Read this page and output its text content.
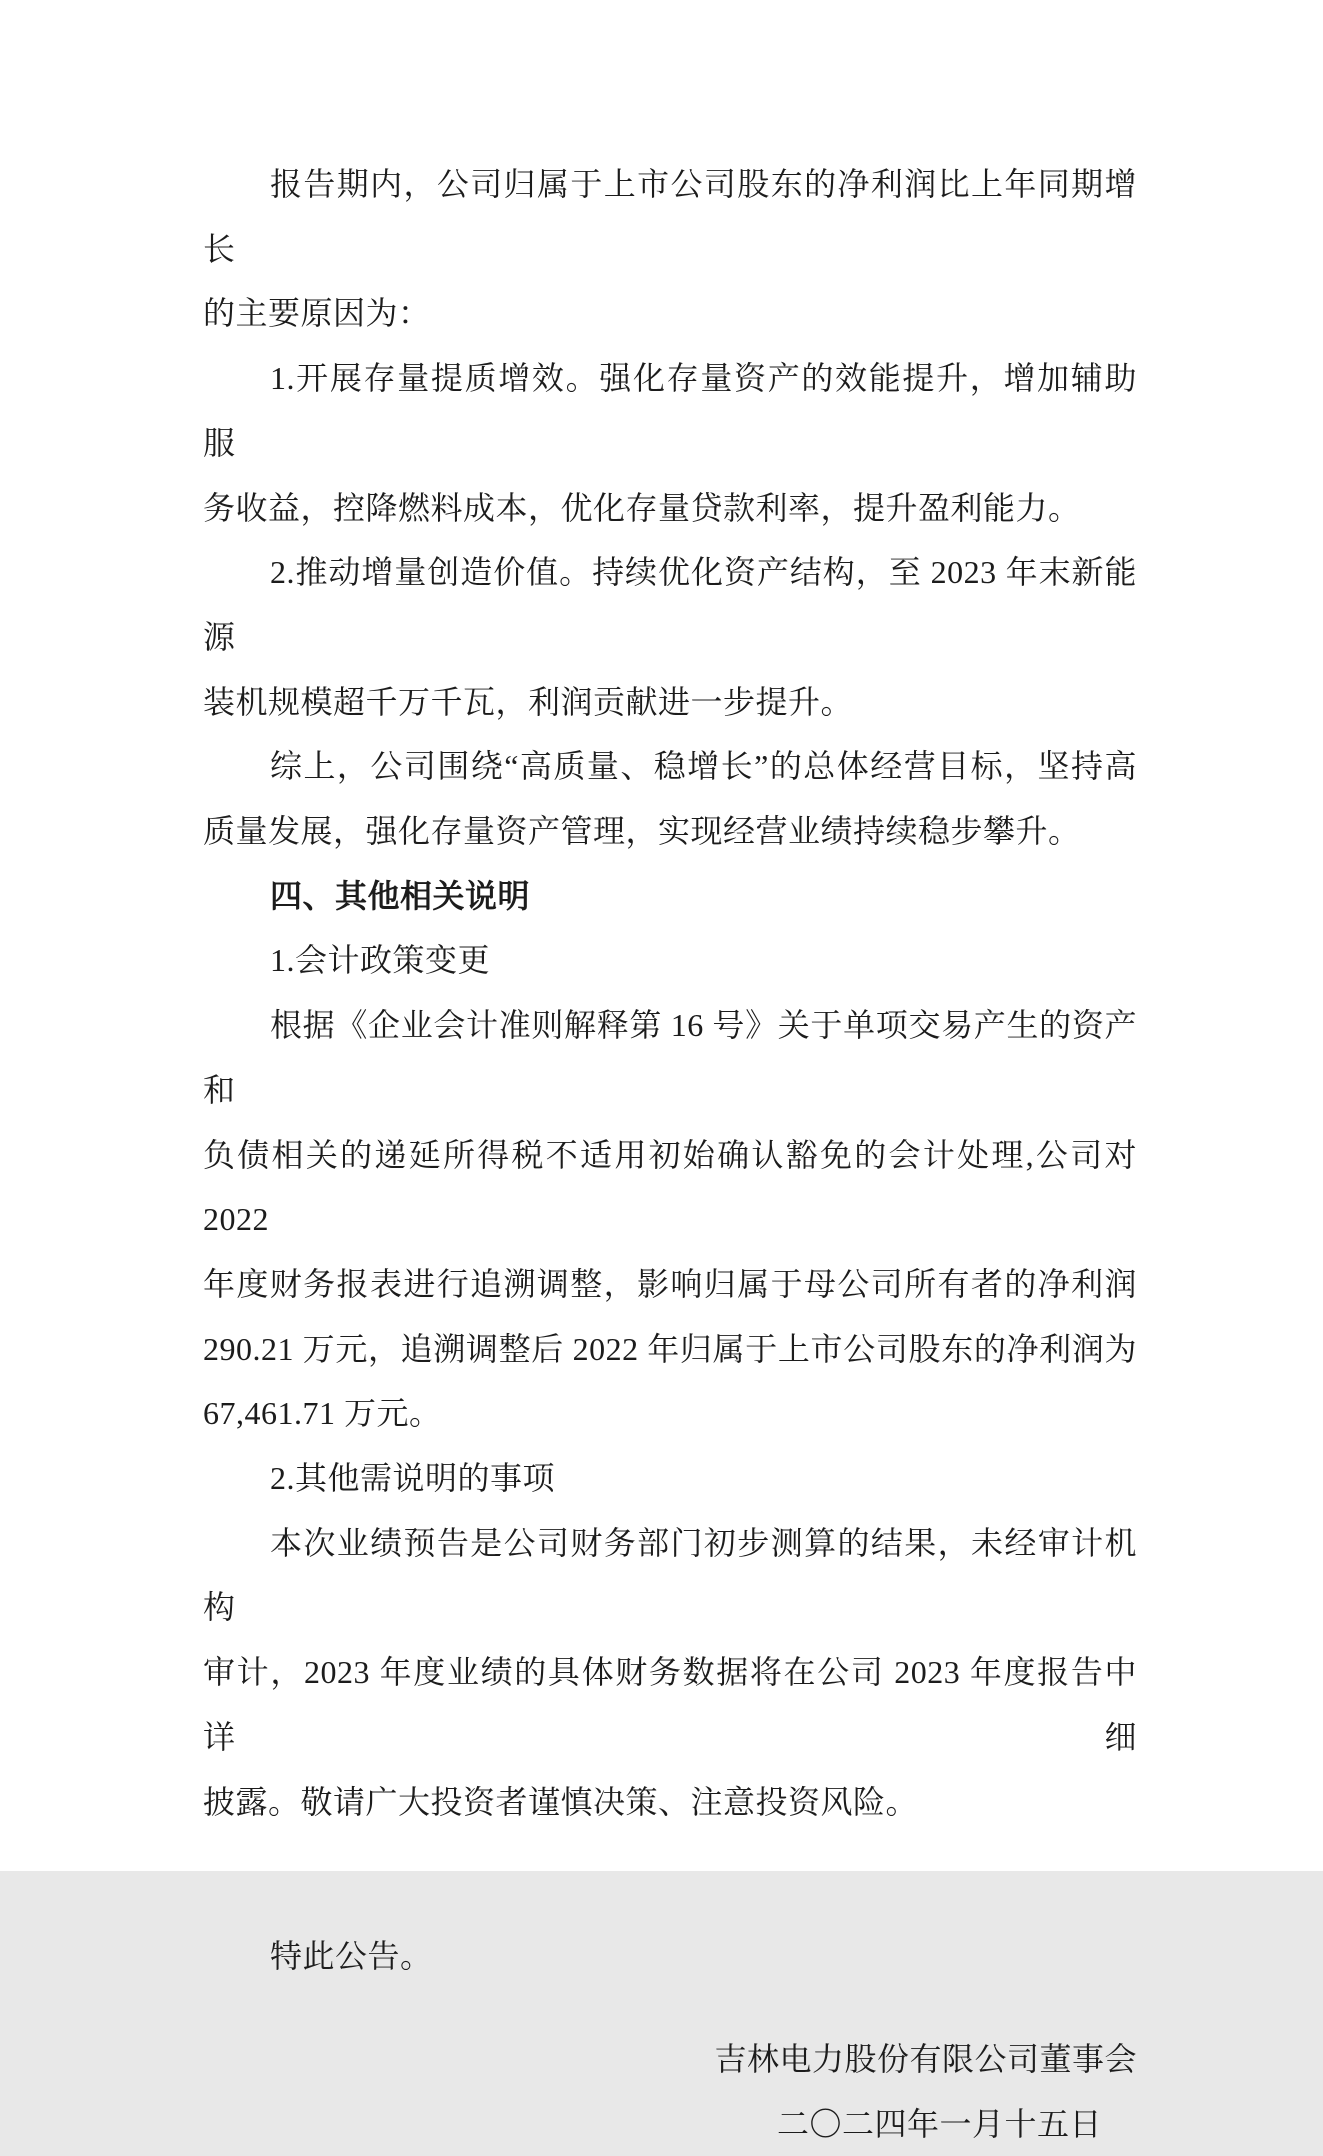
报告期内，公司归属于上市公司股东的净利润比上年同期增长
的主要原因为：
1.开展存量提质增效。强化存量资产的效能提升，增加辅助服
务收益，控降燃料成本，优化存量贷款利率，提升盈利能力。
2.推动增量创造价值。持续优化资产结构，至 2023 年末新能源
装机规模超千万千瓦，利润贡献进一步提升。
综上，公司围绕“高质量、稳增长”的总体经营目标，坚持高
质量发展，强化存量资产管理，实现经营业绩持续稳步攀升。
四、其他相关说明
1.会计政策变更
根据《企业会计准则解释第 16 号》关于单项交易产生的资产和
负债相关的递延所得税不适用初始确认豁免的会计处理,公司对 2022
年度财务报表进行追溯调整，影响归属于母公司所有者的净利润
290.21 万元，追溯调整后 2022 年归属于上市公司股东的净利润为
67,461.71 万元。
2.其他需说明的事项
本次业绩预告是公司财务部门初步测算的结果，未经审计机构
审计，2023 年度业绩的具体财务数据将在公司 2023 年度报告中详细
披露。敬请广大投资者谨慎决策、注意投资风险。
特此公告。
吉林电力股份有限公司董事会
二〇二四年一月十五日
